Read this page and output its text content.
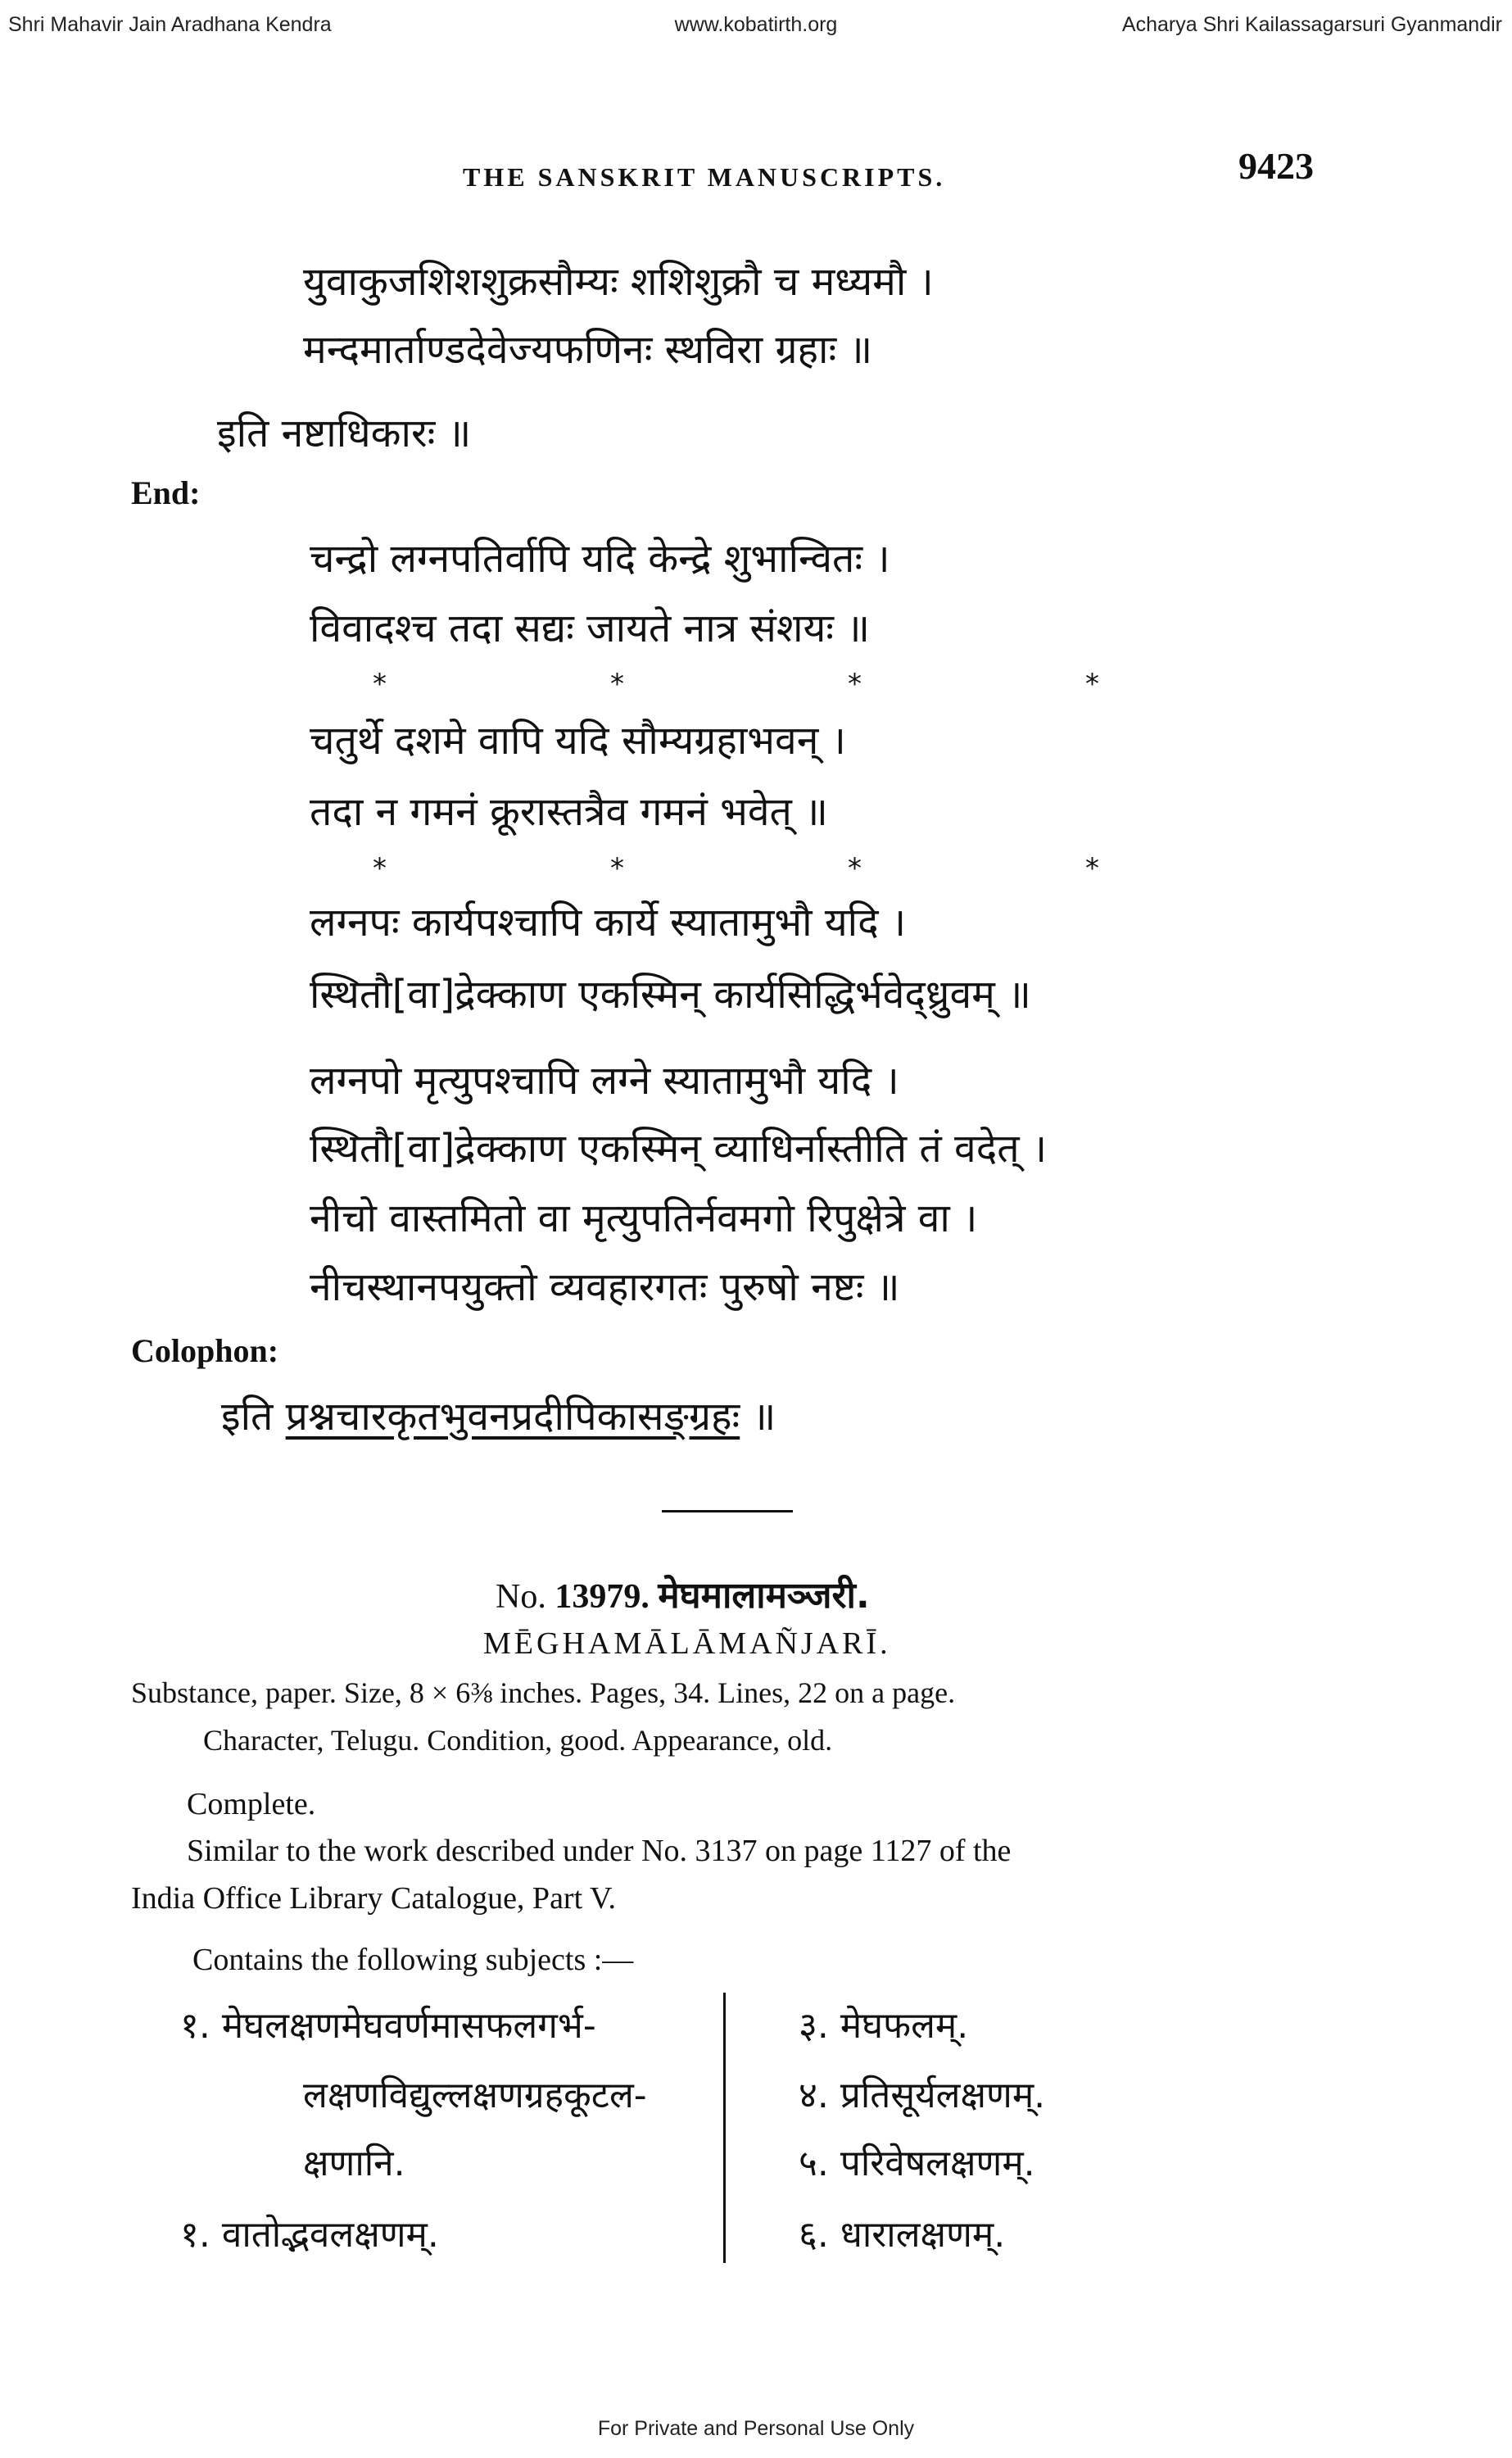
Shri Mahavir Jain Aradhana Kendra	www.kobatirth.org	Acharya Shri Kailassagarsuri Gyanmandir
THE SANSKRIT MANUSCRIPTS.	9423
युवाकुजशिशशुक्रसौम्यः शशिशुक्रौ च मध्यमौ ।
मन्दमार्ताण्डदेवेज्यफणिनः स्थविरा ग्रहाः ॥
इति नष्टाधिकारः ॥
End:
चन्द्रो लग्नपतिर्वापि यदि केन्द्रे शुभान्वितः ।
विवादश्च तदा सद्यः जायते नात्र संशयः ॥
*	*	*	*
चतुर्थे दशमे वापि यदि सौम्यग्रहाभवन् ।
तदा न गमनं क्रूरास्तत्रैव गमनं भवेत् ॥
*	*	*	*
लग्नपः कार्यपश्चापि कार्ये स्यातामुभौ यदि ।
स्थितौ[वा]द्रेक्काण एकस्मिन् कार्यसिद्धिर्भवेद्ध्रुवम् ॥
लग्नपो मृत्युपश्चापि लग्ने स्यातामुभौ यदि ।
स्थितौ[वा]द्रेक्काण एकस्मिन् व्याधिर्नास्तीति तं वदेत् ।
नीचो वास्तमितो वा मृत्युपतिर्नवमगो रिपुक्षेत्रे वा ।
नीचस्थानपयुक्तो व्यवहारगतः पुरुषो नष्टः ॥
Colophon:
इति प्रश्नचारकृतभुवनप्रदीपिकासङ्ग्रहः ॥
No. 13979. मेघमालामञ्जरी.
MĒGHAMĀLĀMAÑJARĪ.
Substance, paper. Size, 8 × 6⅜ inches. Pages, 34. Lines, 22 on a page.
Character, Telugu. Condition, good. Appearance, old.
Complete.
Similar to the work described under No. 3137 on page 1127 of the
India Office Library Catalogue, Part V.
Contains the following subjects :—
१. मेघलक्षणमेघवर्णमासफलगर्भ-
लक्षणविद्युल्लक्षणग्रहकूटल-
क्षणानि.
१. वातोद्भवलक्षणम्.
३. मेघफलम्.
४. प्रतिसूर्यलक्षणम्.
५. परिवेषलक्षणम्.
६. धारालक्षणम्.
For Private and Personal Use Only
